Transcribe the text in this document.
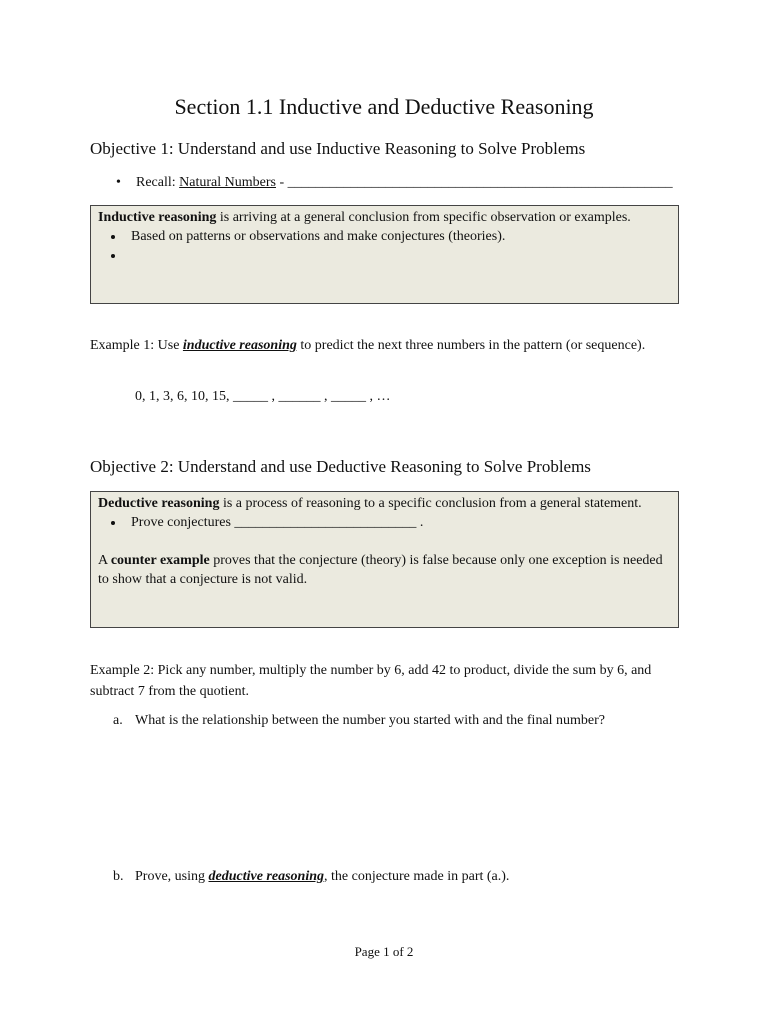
Section 1.1 Inductive and Deductive Reasoning
Objective 1: Understand and use Inductive Reasoning to Solve Problems
• Recall: Natural Numbers - _______________________________________________________

Inductive reasoning is arriving at a general conclusion from specific observation or examples.

• Based on patterns or observations and make conjectures (theories).
•

Example 1: Use inductive reasoning to predict the next three numbers in the pattern (or sequence).

0, 1, 3, 6, 10, 15, _____ , ______ , _____ , …
Objective 2: Understand and use Deductive Reasoning to Solve Problems

Deductive reasoning is a process of reasoning to a specific conclusion from a general statement.

• Prove conjectures __________________________ .

A counter example proves that the conjecture (theory) is false because only one exception is needed to show that a conjecture is not valid.

Example 2: Pick any number, multiply the number by 6, add 42 to product, divide the sum by 6, and subtract 7 from the quotient.

a. What is the relationship between the number you started with and the final number?
b. Prove, using deductive reasoning, the conjecture made in part (a.).
Page 1 of 2
